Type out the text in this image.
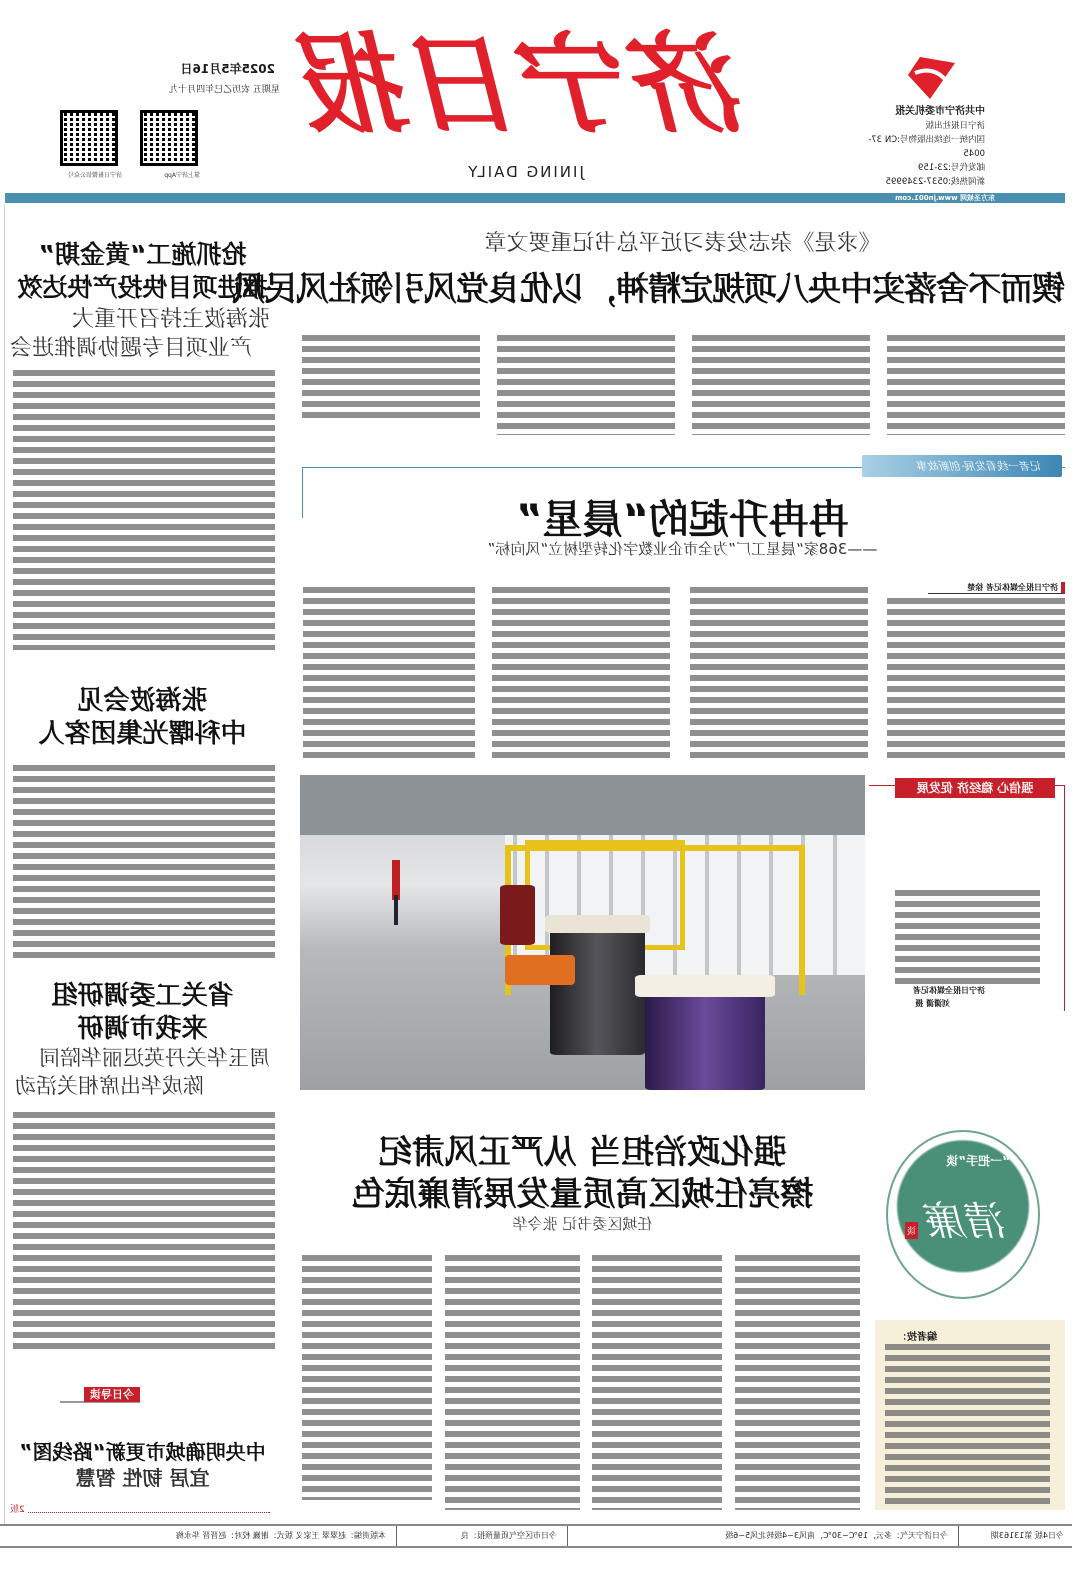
中共济宁市委机关报
济宁日报社出版
国内统一连续出版物号:CN 37-0045
邮发代号:23-159
新闻热线:0537-2349995
济宁日报
JINING DAILY
2025年5月16日
星期五 农历乙巳年四月十九
掌上济宁App
济宁日报微信公众号
东方圣城网 www.jn001.com
《求是》杂志发表习近平总书记重要文章
锲而不舍落实中央八项规定精神，以优良党风引领社风民风
记者一线看发展·创新故事
冉冉升起的“晨星”
——368家“晨星工厂”为全市企业数字化转型树立“风向标”
济宁日报全媒体记者 徐楚
强信心 稳经济 促发展
济宁日报全媒体记者
刘潇潇 摄
强化政治担当 从严正风肃纪
擦亮任城区高质量发展清廉底色
任城区委书记 张令华
“一把手”谈
清廉
谈
编者按：
抢抓施工“黄金期”
推进项目快投产快达效
张海波主持召开重大
产业项目专题协调推进会
张海波会见
中科曙光集团客人
省关工委调研组
来我市调研
周玉华关丹英迟丽华陪同
陈成华出席相关活动
今日导读
中央明确城市更新“路线图”
宜居 韧性 智慧
2版
今日4版 第13163期
今日济宁天气：多云，19℃~30℃，南风3~4级转北风5~6级
今日市区空气质量预报：良
本版责编：赵翠翠 王家义 版式：谢巍 校对：赵晋晋 华永梅
